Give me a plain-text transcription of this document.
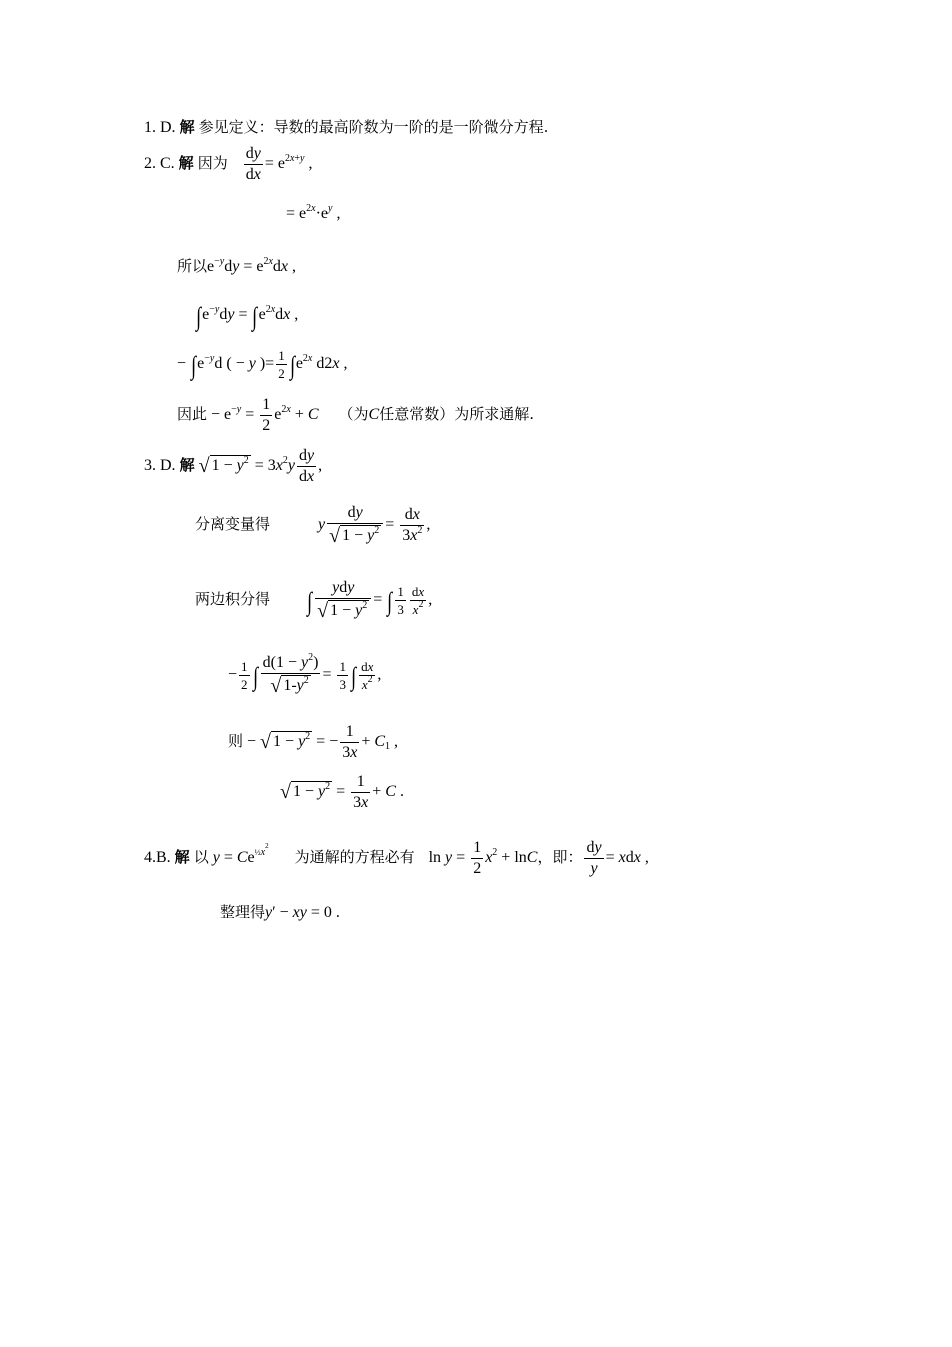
1. D. 解 参见定义：导数的最高阶数为一阶的是一阶微分方程.
2. C. 解 因为 $\frac{dy}{dx} = e^{2x+y}$ ,
= $e^{2x}\cdot e^y$ ,
所以$e^{-y}dy = e^{2x}dx$ ,
$\int e^{-y}dy = \int e^{2x}dx$ ,
− $\int e^{-y}d$ ( − y )= $\frac{1}{2} \int e^{2x}$ d2x ,
因此 − $e^{-y} = \frac{1}{2} e^{2x} + C$ （为C任意常数）为所求通解.
3. D. 解 √ $1 - y^2 = 3x^2y \frac{dy}{dx}$ ,
分离变量得	y $\frac{dy}{√ 1 - y^2} = \frac{dx}{3x^2}$ ,
两边积分得 ∫ $\frac{\text{ydy}}{√ 1 - y^2}$ = ∫ $\frac{1}{3} \frac{dx}{x^2}$ ,
− $\frac{1}{2}$ ∫ $\frac{d(1 - y^2)}{√ 1-y^2} = \frac{1}{3}$ ∫ $\frac{dx}{x^2}$ ,
则 − √ $1 - y^2$ = − $\frac{1}{3x} + C_1$ ,
√ $1 - y^2 = \frac{1}{3x} + C$ .
4.B. 解 以 $y = Ce^{\frac{1}{2}x^2}$  为通解的方程必有 $\ln y = \frac{1}{2} x^2 + \ln C$，即： $\frac{dy}{y}$ = xdx ,
整理得y′ − xy = 0 .
